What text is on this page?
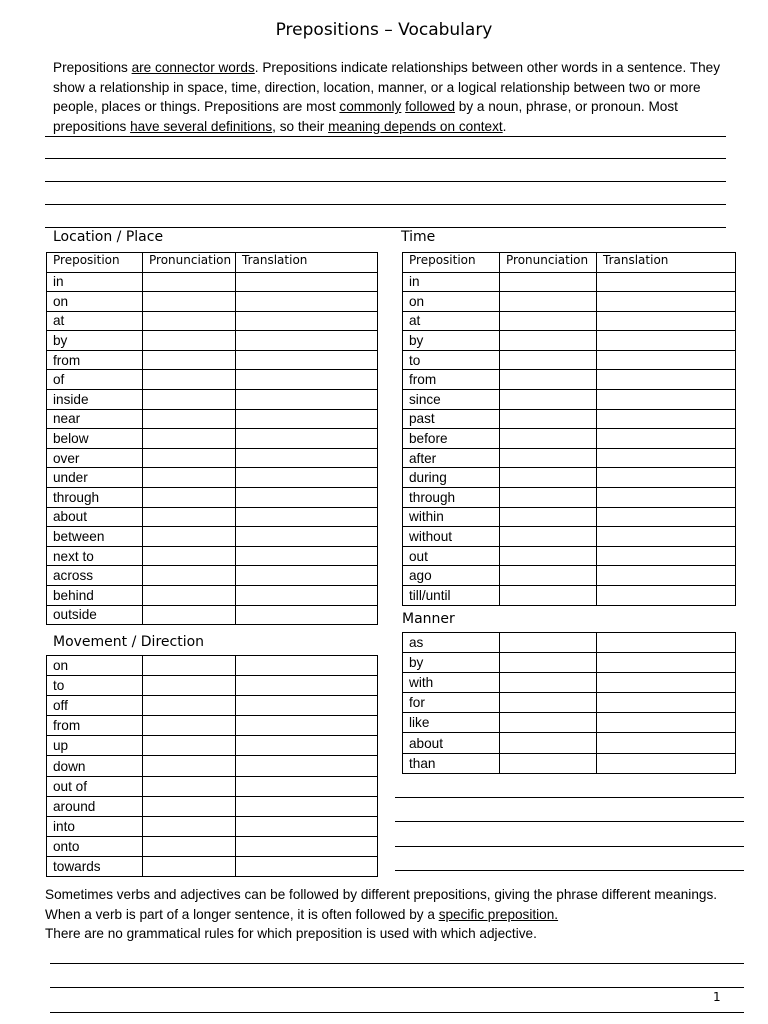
Prepositions – Vocabulary

Prepositions are connector words. Prepositions indicate relationships between other words in a sentence. They show a relationship in space, time, direction, location, manner, or a logical relationship between two or more people, places or things. Prepositions are most commonly followed by a noun, phrase, or pronoun. Most prepositions have several definitions, so their meaning depends on context.

Location / Place
Preposition	Pronunciation	Translation
in		
on		
at		
by		
from		
of		
inside		
near		
below		
over		
under		
through		
about		
between		
next to		
across		
behind		
outside		
Movement / Direction
on		
to		
off		
from		
up		
down		
out of		
around		
into		
onto		
towards		
Time
Preposition	Pronunciation	Translation
in		
on		
at		
by		
to		
from		
since		
past		
before		
after		
during		
through		
within		
without		
out		
ago		
till/until		
Manner
as		
by		
with		
for		
like		
about		
than		

Sometimes verbs and adjectives can be followed by different prepositions, giving the phrase different meanings.

When a verb is part of a longer sentence, it is often followed by a specific preposition.

There are no grammatical rules for which preposition is used with which adjective.

1
